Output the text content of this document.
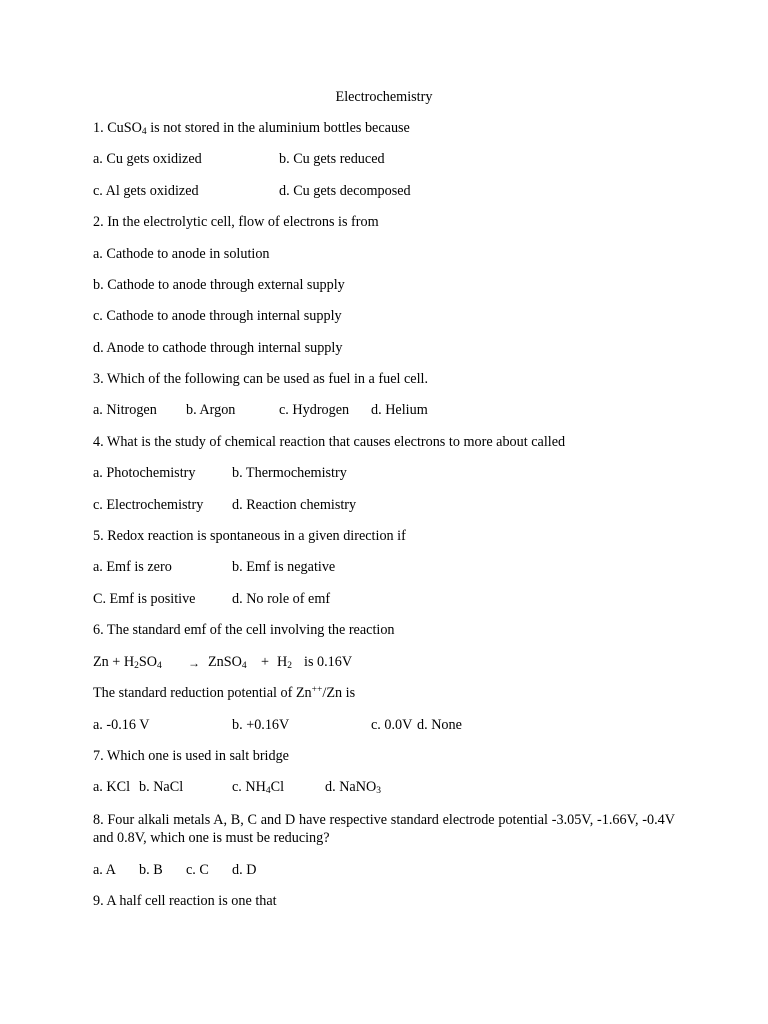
Electrochemistry
1. CuSO$_4$ is not stored in the aluminium bottles because
a. Cu gets oxidized	b. Cu gets reduced
c. Al gets oxidized	d. Cu gets decomposed
2. In the electrolytic cell, flow of electrons is from
a. Cathode to anode in solution
b. Cathode to anode through external supply
c. Cathode to anode through internal supply
d. Anode to cathode through internal supply
3. Which of the following can be used as fuel in a fuel cell.
a. Nitrogen b. Argon	c. Hydrogen d. Helium
4. What is the study of chemical reaction that causes electrons to more about called
a. Photochemistry	b. Thermochemistry
c. Electrochemistry d. Reaction chemistry
5. Redox reaction is spontaneous in a given direction if
a. Emf is zero	b. Emf is negative
C. Emf is positive	d. No role of emf
6. The standard emf of the cell involving the reaction
$Zn + H_2SO_4$ → ZnSO$_4$ + $H_2$ is 0.16V
The standard reduction potential of Zn++/Zn is
a. -0.16 V	b. +0.16V	c. 0.0V d. None
7. Which one is used in salt bridge
a. KCl b. NaCl	c. $NH_4Cl$	d. NaNO$_3$
8. Four alkali metals A, B, C and D have respective standard electrode potential -3.05V, -1.66V, -0.4V and 0.8V, which one is must be reducing?
a. A b. B c. C d. D
9. A half cell reaction is one that
